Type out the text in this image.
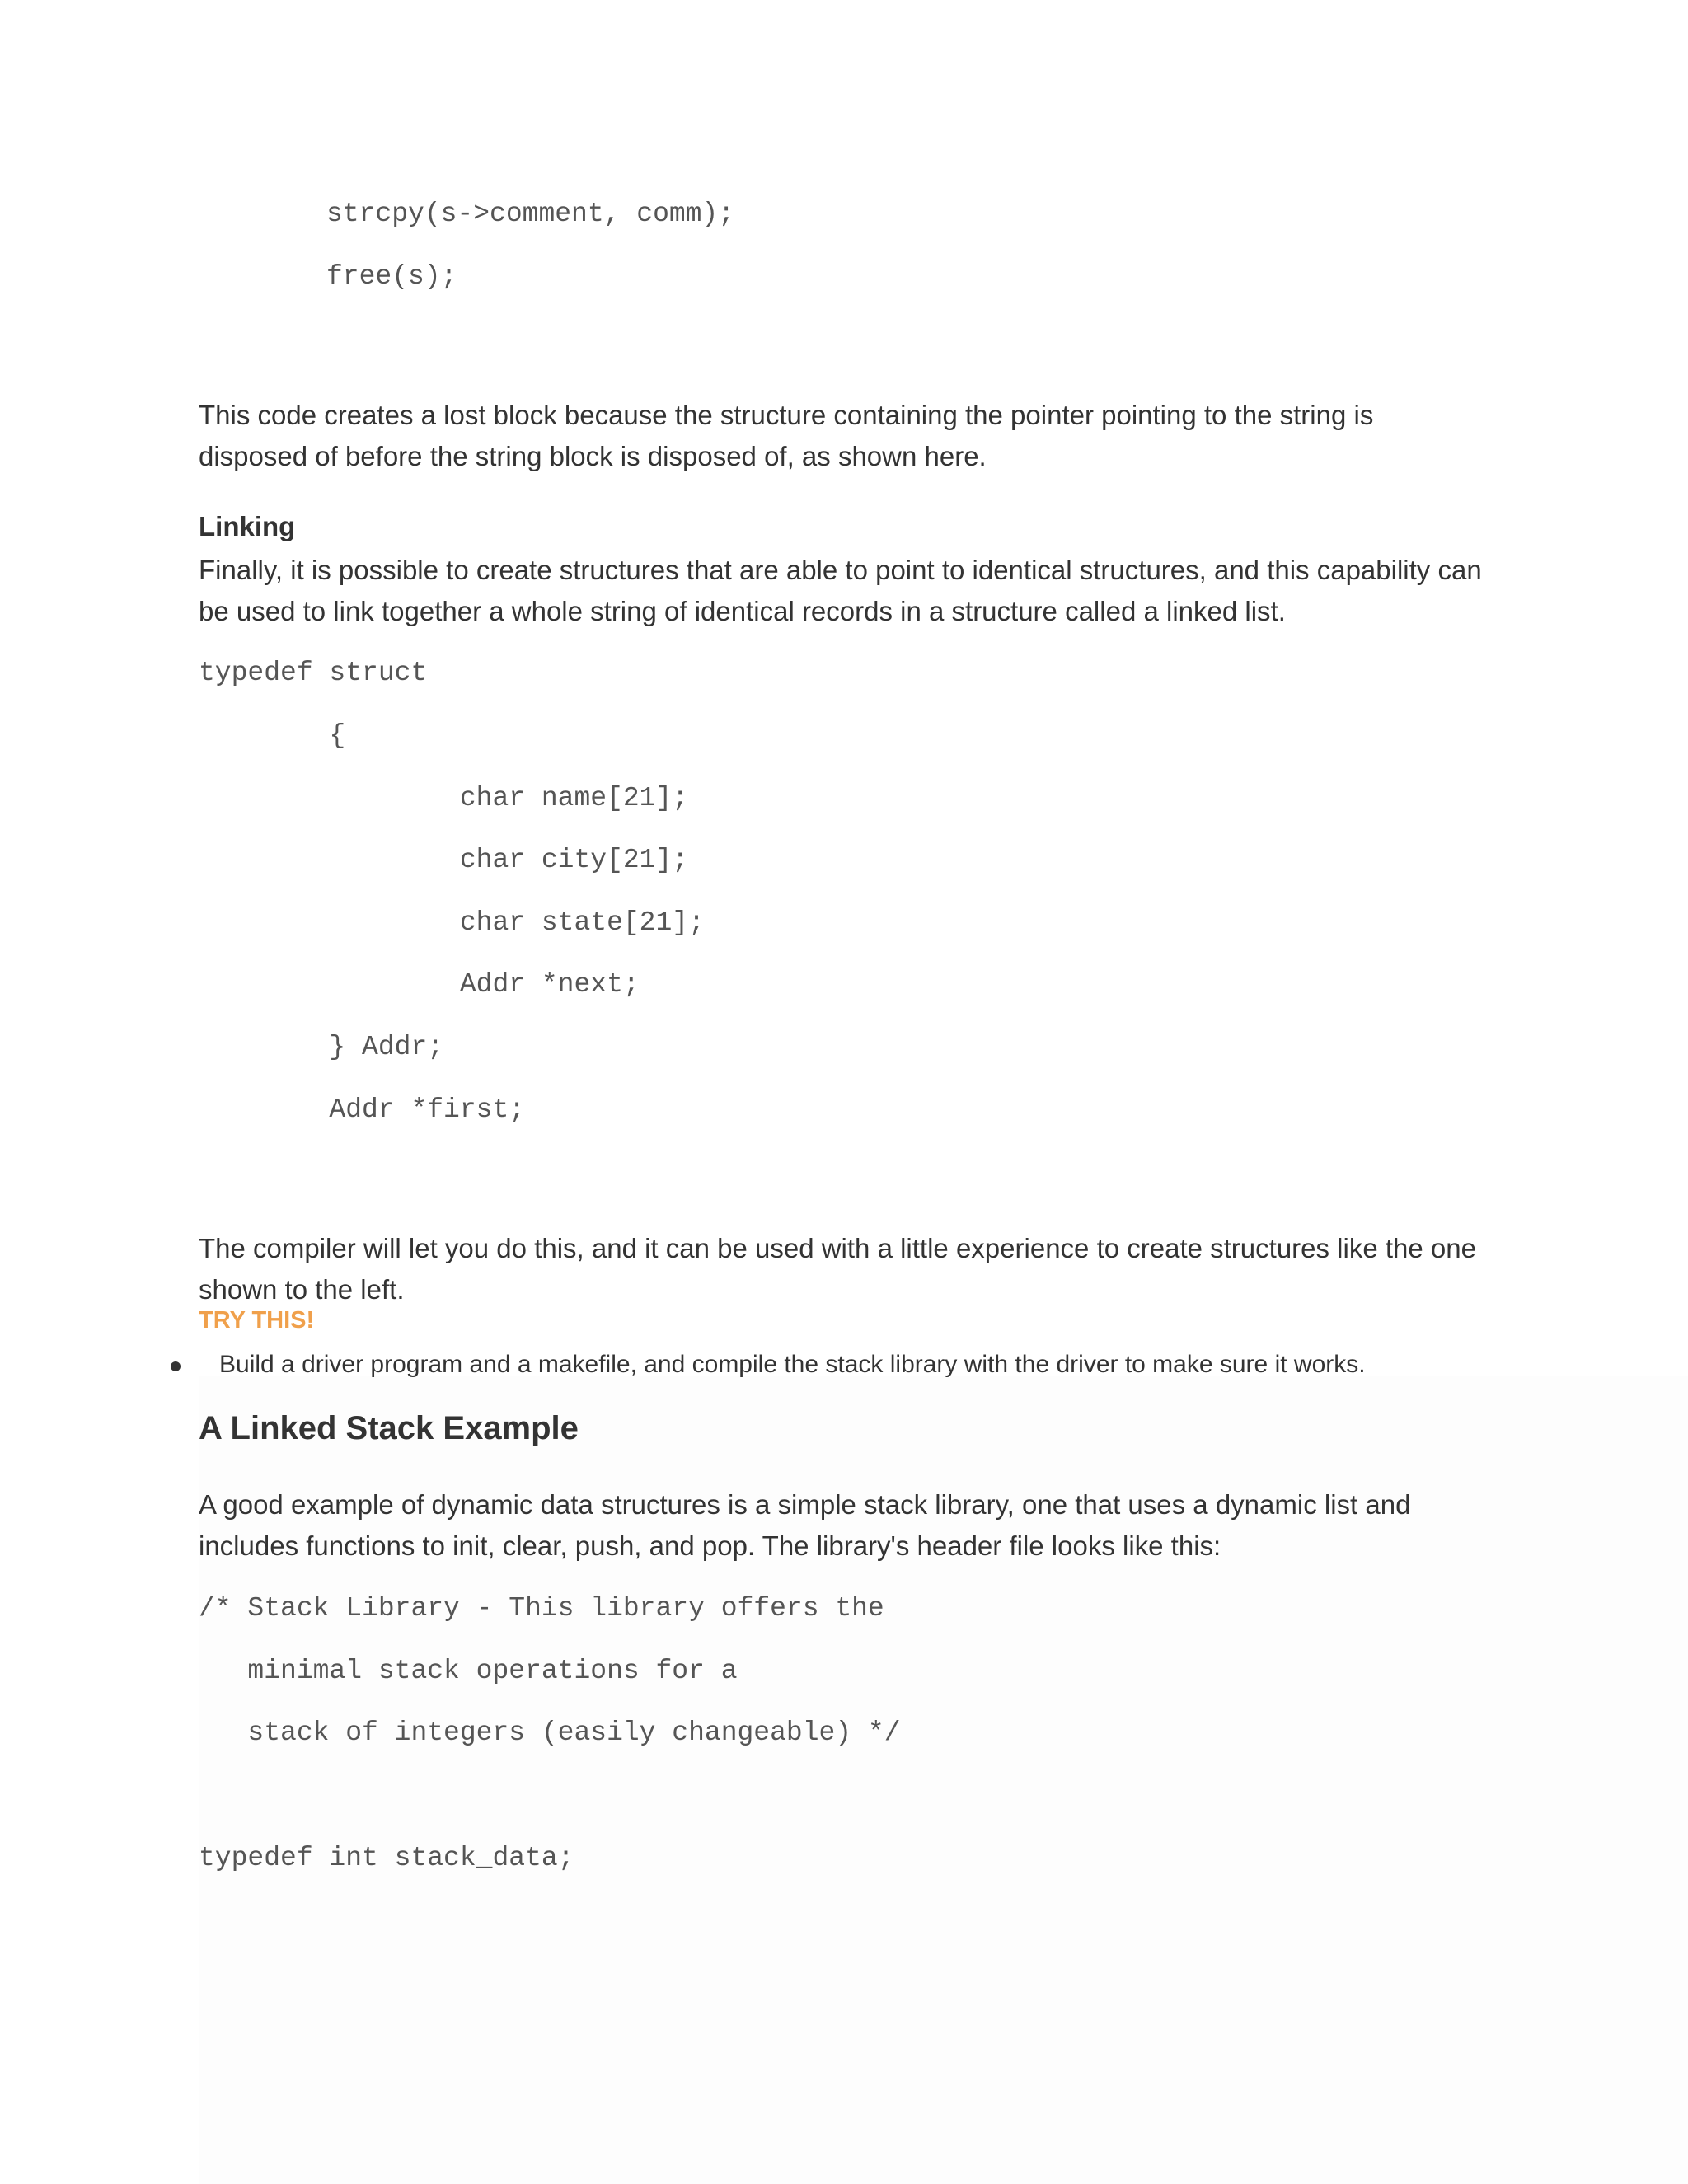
strcpy(s->comment, comm);
free(s);

This code creates a lost block because the structure containing the pointer pointing to the string is disposed of before the string block is disposed of, as shown here.

Linking

Finally, it is possible to create structures that are able to point to identical structures, and this capability can be used to link together a whole string of identical records in a structure called a linked list.

typedef struct
{
char name[21];
char city[21];
char state[21];
Addr *next;
} Addr;
Addr *first;

The compiler will let you do this, and it can be used with a little experience to create structures like the one shown to the left.

TRY THIS!

Build a driver program and a makefile, and compile the stack library with the driver to make sure it works.

A Linked Stack Example

A good example of dynamic data structures is a simple stack library, one that uses a dynamic list and includes functions to init, clear, push, and pop. The library's header file looks like this:

/* Stack Library - This library offers the
minimal stack operations for a
stack of integers (easily changeable) */
typedef int stack_data;
